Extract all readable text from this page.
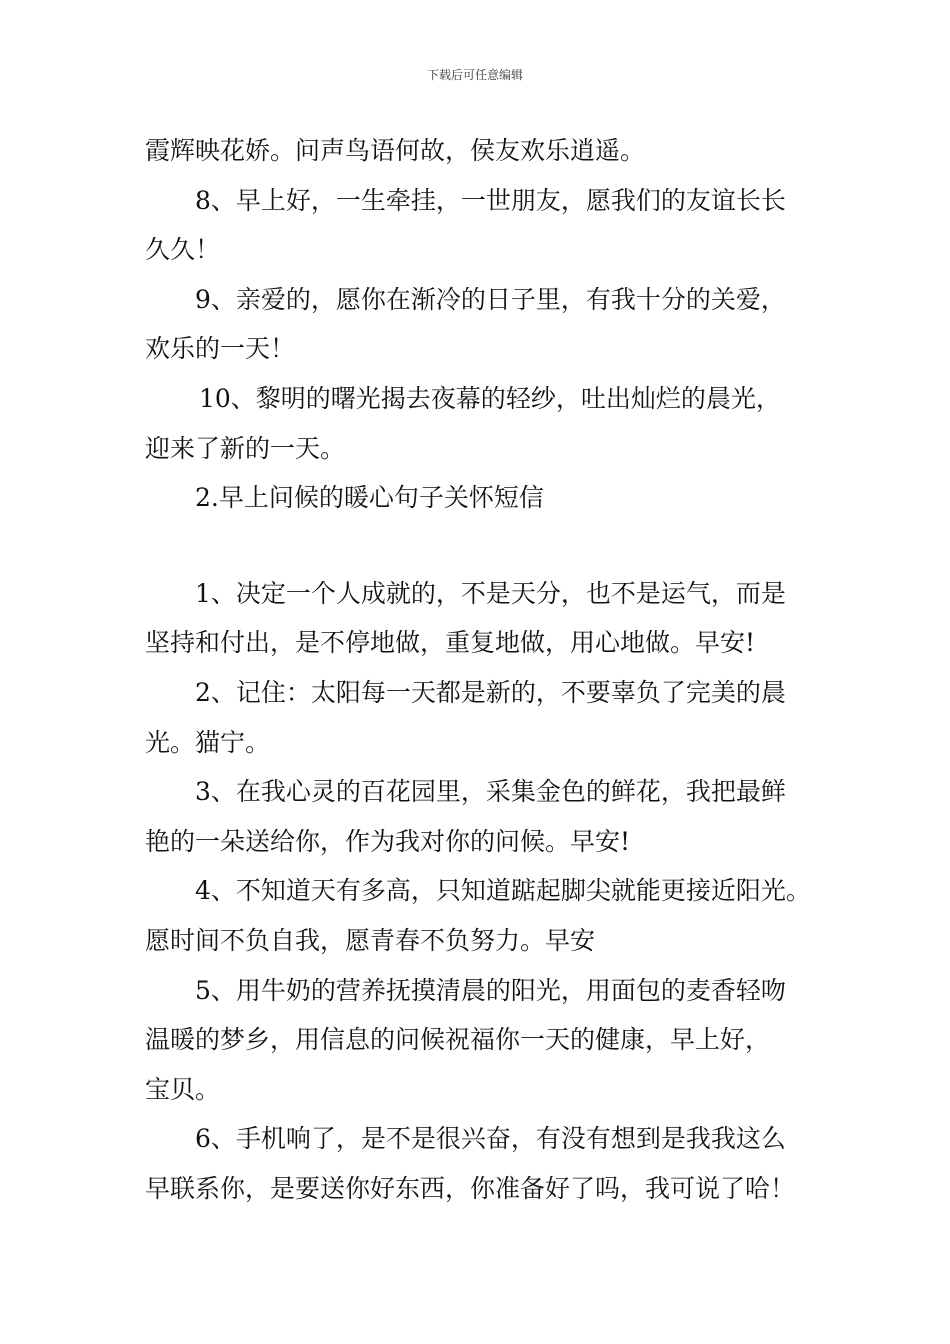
下载后可任意编辑
霞辉映花娇。问声鸟语何故，侯友欢乐逍遥。
8、早上好，一生牵挂，一世朋友，愿我们的友谊长长
久久！
9、亲爱的，愿你在渐冷的日子里，有我十分的关爱，
欢乐的一天！
10、黎明的曙光揭去夜幕的轻纱，吐出灿烂的晨光，
迎来了新的一天。
2.早上问候的暖心句子关怀短信
1、决定一个人成就的，不是天分，也不是运气，而是
坚持和付出，是不停地做，重复地做，用心地做。早安!
2、记住：太阳每一天都是新的，不要辜负了完美的晨
光。猫宁。
3、在我心灵的百花园里，采集金色的鲜花，我把最鲜
艳的一朵送给你，作为我对你的问候。早安!
4、不知道天有多高，只知道踮起脚尖就能更接近阳光。
愿时间不负自我，愿青春不负努力。早安
5、用牛奶的营养抚摸清晨的阳光，用面包的麦香轻吻
温暖的梦乡，用信息的问候祝福你一天的健康，早上好，
宝贝。
6、手机响了，是不是很兴奋，有没有想到是我我这么
早联系你，是要送你好东西，你准备好了吗，我可说了哈！
